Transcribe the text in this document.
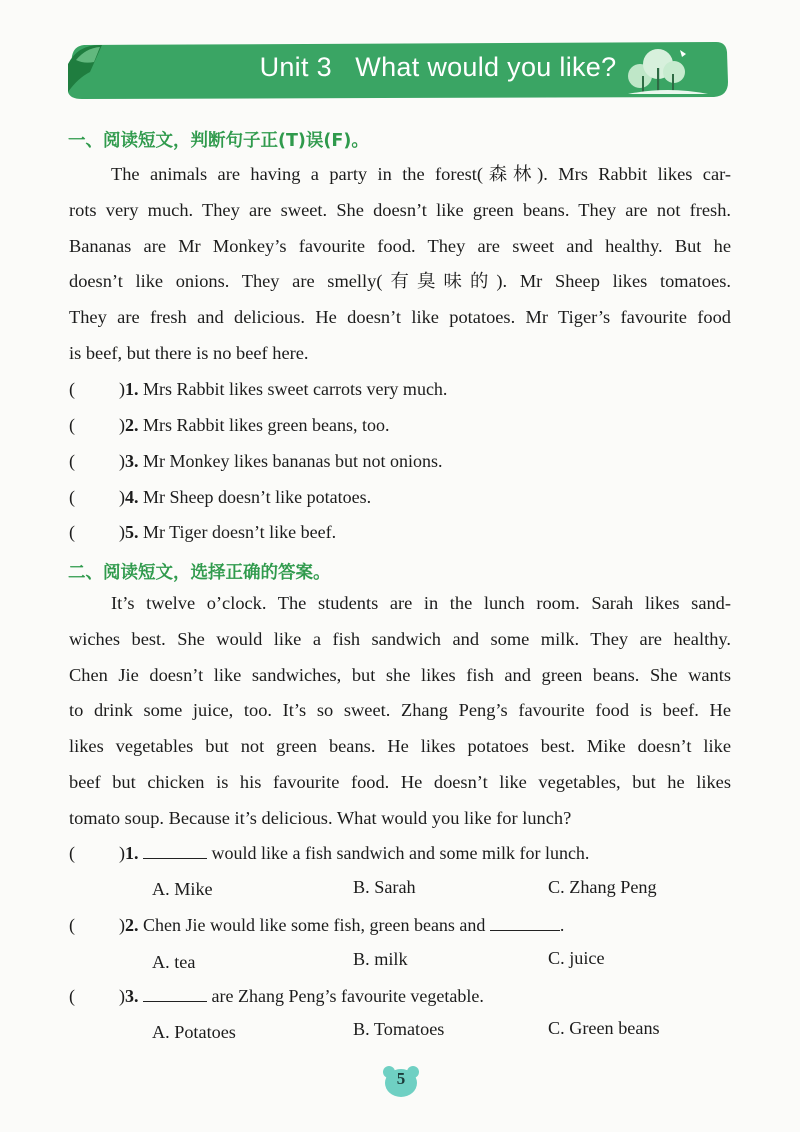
Unit 3   What would you like?
一、阅读短文，判断句子正(T)误(F)。
The animals are having a party in the forest(森林). Mrs Rabbit likes car-
rots very much. They are sweet. She doesn’t like green beans. They are not fresh.
Bananas are Mr Monkey’s favourite food. They are sweet and healthy. But he
doesn’t like onions. They are smelly(有臭味的). Mr Sheep likes tomatoes.
They are fresh and delicious. He doesn’t like potatoes. Mr Tiger’s favourite food
is beef, but there is no beef here.
( )1. Mrs Rabbit likes sweet carrots very much.
( )2. Mrs Rabbit likes green beans, too.
( )3. Mr Monkey likes bananas but not onions.
( )4. Mr Sheep doesn’t like potatoes.
( )5. Mr Tiger doesn’t like beef.
二、阅读短文，选择正确的答案。
It’s twelve o’clock. The students are in the lunch room. Sarah likes sand-
wiches best. She would like a fish sandwich and some milk. They are healthy.
Chen Jie doesn’t like sandwiches, but she likes fish and green beans. She wants
to drink some juice, too. It’s so sweet. Zhang Peng’s favourite food is beef. He
likes vegetables but not green beans. He likes potatoes best. Mike doesn’t like
beef but chicken is his favourite food. He doesn’t like vegetables, but he likes
tomato soup. Because it’s delicious. What would you like for lunch?
( )1.	would like a fish sandwich and some milk for lunch.
A. Mike	B. Sarah	C. Zhang Peng
( )2. Chen Jie would like some fish, green beans and	.
A. tea	B. milk	C. juice
( )3.	are Zhang Peng’s favourite vegetable.
A. Potatoes	B. Tomatoes	C. Green beans
5
